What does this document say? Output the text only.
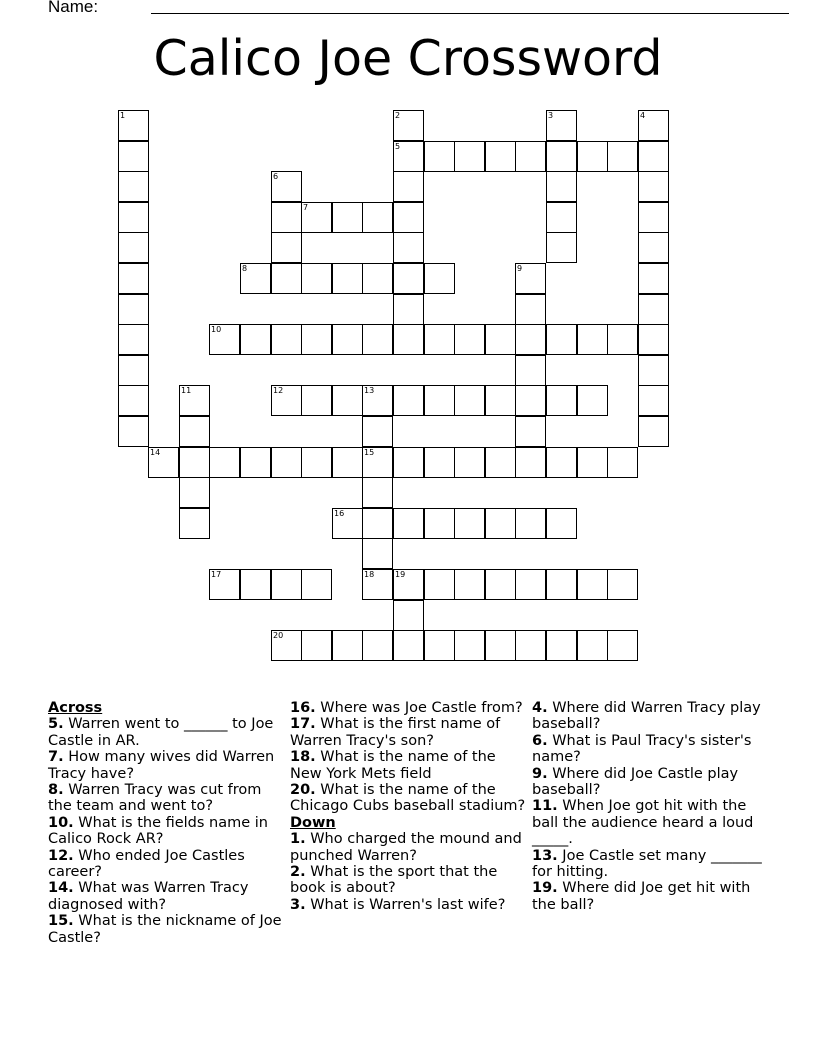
Name:
Calico Joe Crossword
5
7
8
10
12	13
14	15
16
17	18	19
20
1	2	3	4
6
9
11
Across
5. Warren went to ______ to Joe Castle in AR.
7. How many wives did Warren Tracy have?
8. Warren Tracy was cut from the team and went to?
10. What is the fields name in Calico Rock AR?
12. Who ended Joe Castles career?
14. What was Warren Tracy diagnosed with?
15. What is the nickname of Joe Castle?
16. Where was Joe Castle from?
17. What is the first name of Warren Tracy's son?
18. What is the name of the New York Mets field
20. What is the name of the Chicago Cubs baseball stadium?
Down
1. Who charged the mound and punched Warren?
2. What is the sport that the book is about?
3. What is Warren's last wife?
4. Where did Warren Tracy play baseball?
6. What is Paul Tracy's sister's name?
9. Where did Joe Castle play baseball?
11. When Joe got hit with the ball the audience heard a loud _____.
13. Joe Castle set many _______ for hitting.
19. Where did Joe get hit with the ball?
